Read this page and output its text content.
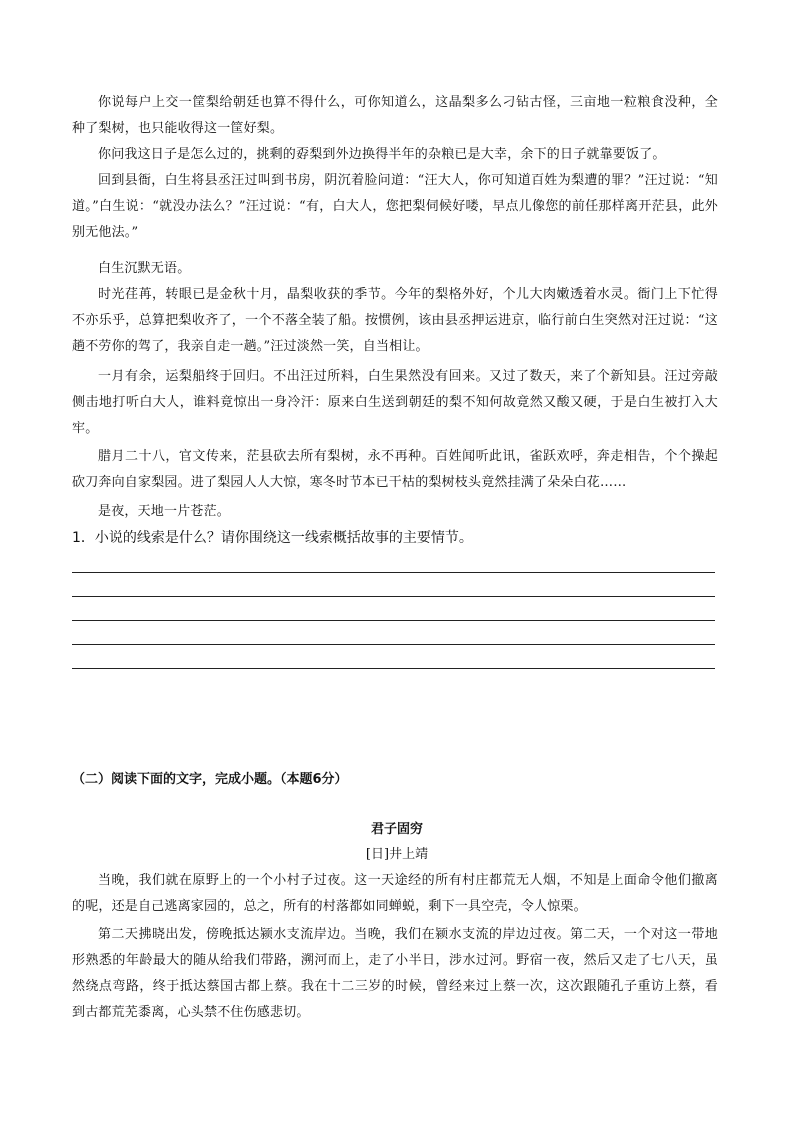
你说每户上交一筐梨给朝廷也算不得什么，可你知道么，这晶梨多么刁钻古怪，三亩地一粒粮食没种，全种了梨树，也只能收得这一筐好梨。

你问我这日子是怎么过的，挑剩的孬梨到外边换得半年的杂粮已是大幸，余下的日子就靠要饭了。

回到县衙，白生将县丞汪过叫到书房，阴沉着脸问道：“汪大人，你可知道百姓为梨遭的罪？”汪过说：“知道。”白生说：“就没办法么？”汪过说：“有，白大人，您把梨伺候好喽，早点儿像您的前任那样离开茫县，此外别无他法。”

白生沉默无语。

时光荏苒，转眼已是金秋十月，晶梨收获的季节。今年的梨格外好，个儿大肉嫩透着水灵。衙门上下忙得不亦乐乎，总算把梨收齐了，一个不落全装了船。按惯例，该由县丞押运进京，临行前白生突然对汪过说：“这趟不劳你的驾了，我亲自走一趟。”汪过淡然一笑，自当相让。

一月有余，运梨船终于回归。不出汪过所料，白生果然没有回来。又过了数天，来了个新知县。汪过旁敲侧击地打听白大人，谁料竟惊出一身冷汗：原来白生送到朝廷的梨不知何故竟然又酸又硬，于是白生被打入大牢。

腊月二十八，官文传来，茫县砍去所有梨树，永不再种。百姓闻听此讯，雀跃欢呼，奔走相告，个个操起砍刀奔向自家梨园。进了梨园人人大惊，寒冬时节本已干枯的梨树枝头竟然挂满了朵朵白花……

是夜，天地一片苍茫。

1．小说的线索是什么？请你围绕这一线索概括故事的主要情节。

（二）阅读下面的文字，完成小题。（本题6分）

君子固穷

[日]井上靖

当晚，我们就在原野上的一个小村子过夜。这一天途经的所有村庄都荒无人烟，不知是上面命令他们撤离的呢，还是自己逃离家园的，总之，所有的村落都如同蝉蜕，剩下一具空壳，令人惊栗。

第二天拂晓出发，傍晚抵达颍水支流岸边。当晚，我们在颍水支流的岸边过夜。第二天，一个对这一带地形熟悉的年龄最大的随从给我们带路，溯河而上，走了小半日，涉水过河。野宿一夜，然后又走了七八天，虽然绕点弯路，终于抵达蔡国古都上蔡。我在十二三岁的时候，曾经来过上蔡一次，这次跟随孔子重访上蔡，看到古都荒芜黍离，心头禁不住伤感悲切。
